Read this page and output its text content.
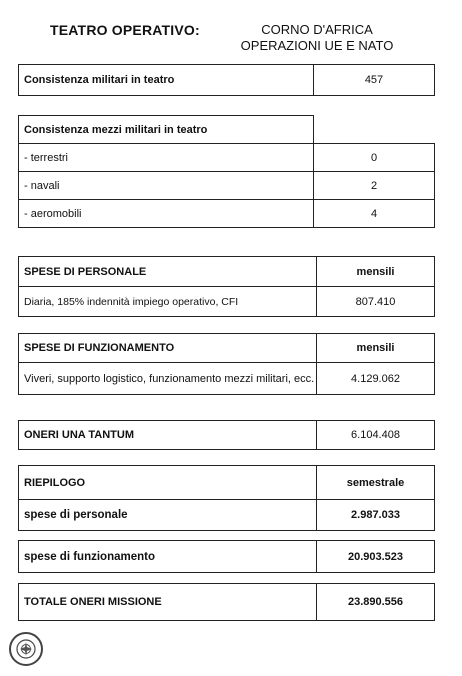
TEATRO OPERATIVO:	CORNO D'AFRICA
OPERAZIONI UE E NATO
Consistenza militari in teatro	457
Consistenza mezzi militari in teatro	
- terrestri	0
- navali	2
- aeromobili	4
SPESE DI PERSONALE	mensili
Diaria, 185% indennità impiego operativo, CFI	807.410
SPESE DI FUNZIONAMENTO	mensili
Viveri, supporto logistico, funzionamento mezzi militari, ecc.	4.129.062
ONERI UNA TANTUM	6.104.408
RIEPILOGO	semestrale
spese di personale	2.987.033
spese di funzionamento	20.903.523
TOTALE ONERI MISSIONE	23.890.556
